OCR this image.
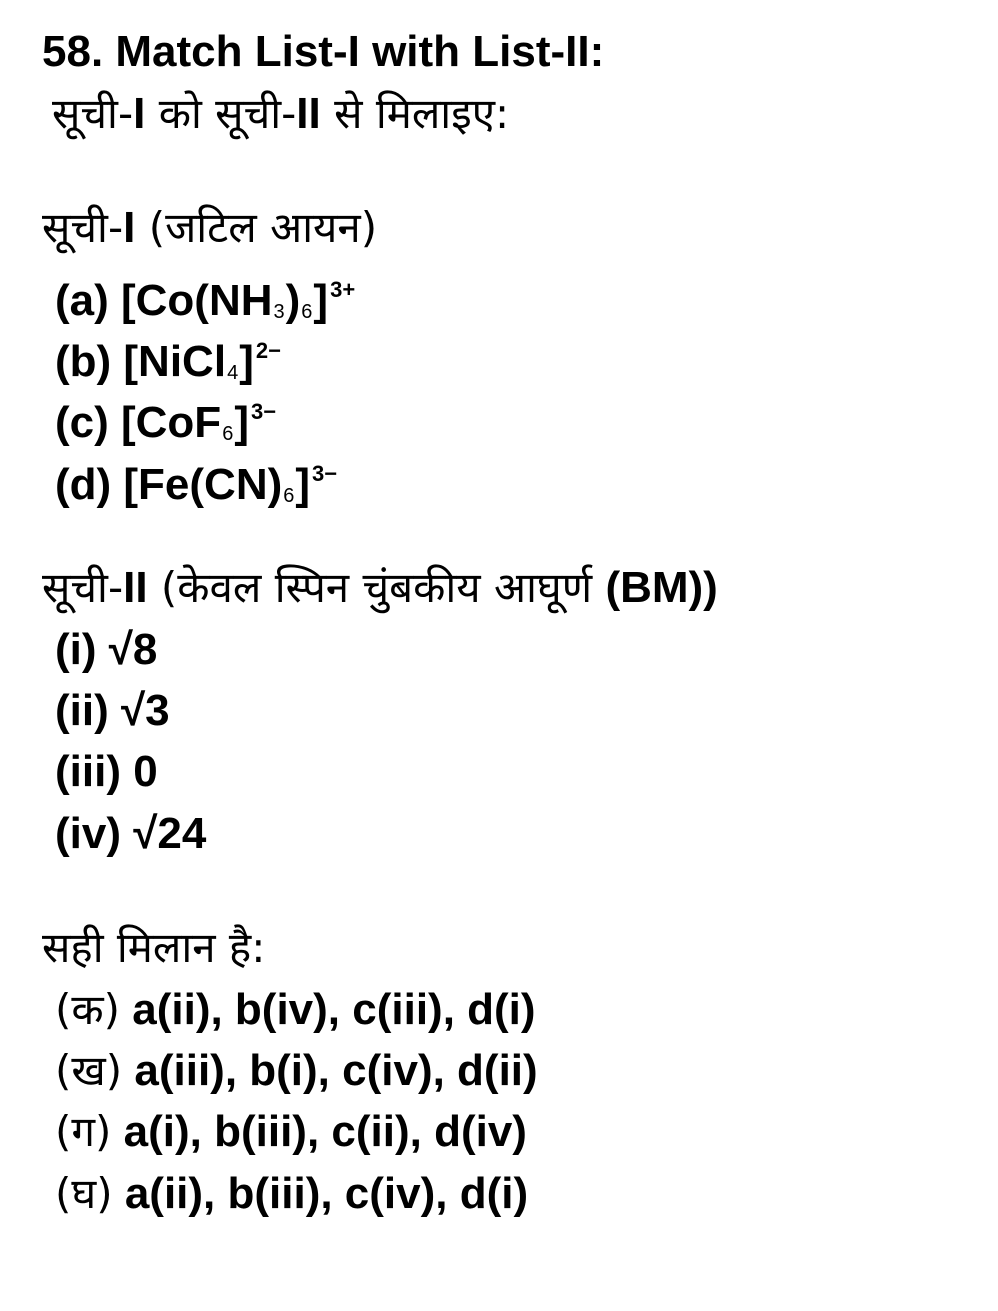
58. Match List-I with List-II:
सूची-I को सूची-II से मिलाइए:
सूची-I (जटिल आयन)
(a) [Co(NH3)6]3+
(b) [NiCl4]2−
(c) [CoF6]3−
(d) [Fe(CN)6]3−
सूची-II (केवल स्पिन चुंबकीय आघूर्ण (BM))
(i) √8
(ii) √3
(iii) 0
(iv) √24
सही मिलान है:
(क) a(ii), b(iv), c(iii), d(i)
(ख) a(iii), b(i), c(iv), d(ii)
(ग) a(i), b(iii), c(ii), d(iv)
(घ) a(ii), b(iii), c(iv), d(i)
